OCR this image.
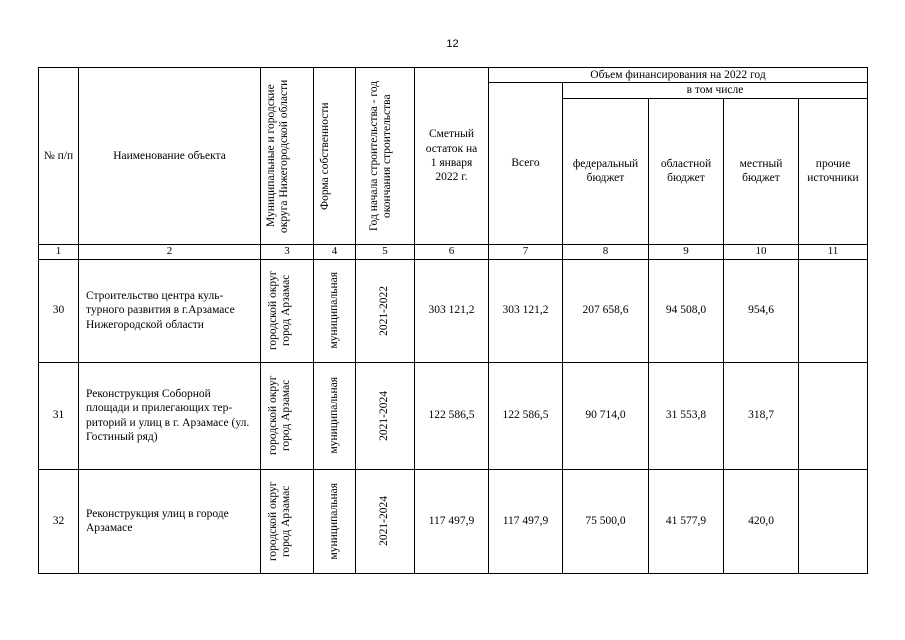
12
№ п/п	Наименование объекта	Муниципальные и городские округа Нижегородской области	Форма собственности	Год начала строительства - год окончания строительства	Сметный остаток на 1 января 2022 г.	Объем финансирования на 2022 год				
						Всего	в том числе			

							федеральный бюджет	областной бюджет	местный бюджет	прочие источники

1	2	3	4	5	6	7	8	9	10	11
30	Строительство центра куль-турного развития в г.Арзамасе Нижегородской области	городской округ город Арзамас	муниципальная	2021-2022	303 121,2	303 121,2	207 658,6	94 508,0	954,6	
31	Реконструкция Соборной площади и прилегающих тер-риторий и улиц в г. Арзамасе (ул. Гостиный ряд)	городской округ город Арзамас	муниципальная	2021-2024	122 586,5	122 586,5	90 714,0	31 553,8	318,7	
32	Реконструкция улиц в городе Арзамасе	городской округ город Арзамас	муниципальная	2021-2024	117 497,9	117 497,9	75 500,0	41 577,9	420,0	
